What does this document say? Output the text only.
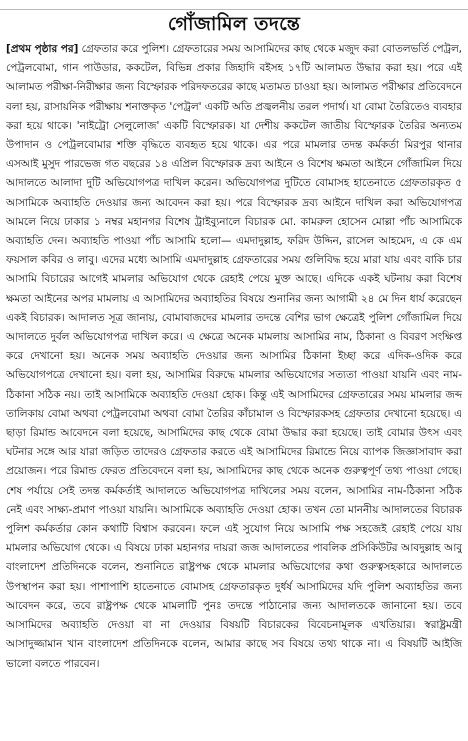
গোঁজামিল তদন্তে

[প্রথম পৃষ্ঠার পর] গ্রেফতার করে পুলিশ। গ্রেফতারের সময় আসামিদের কাছ থেকে মজুদ করা বোতলভর্তি পেট্রল, পেট্রলবোমা, গান পাউডার, ককটেল, বিভিন্ন প্রকার জিহাদি বইসহ ১৭টি আলামত উদ্ধার করা হয়। পরে এই আলামত পরীক্ষা-নিরীক্ষার জন্য বিস্ফোরক পরিদফতরের কাছে মতামত চাওয়া হয়। আলামত পরীক্ষার প্রতিবেদনে বলা হয়, রাসায়নিক পরীক্ষায় শনাক্তকৃত 'পেট্রল' একটি অতি প্রজ্বলনীয় তরল পদার্থ। যা বোমা তৈরিতেও ব্যবহার করা হয়ে থাকে। 'নাইট্রো সেলুলোজ' একটি বিস্ফোরক। যা দেশীয় ককটেল জাতীয় বিস্ফোরক তৈরির অন্যতম উপাদান ও পেট্রলবোমার শক্তি বৃদ্ধিতে ব্যবহৃত হয়ে থাকে। এর পরে মামলার তদন্ত কর্মকর্তা মিরপুর থানার এসআই মুসুদ পারভেজ গত বছরের ১৪ এপ্রিল বিস্ফোরক দ্রব্য আইনে ও বিশেষ ক্ষমতা আইনে গোঁজামিল দিয়ে আদালতে আলাদা দুটি অভিযোগপত্র দাখিল করেন। অভিযোগপত্র দুটিতে বোমাসহ হাতেনাতে গ্রেফতারকৃত ৫ আসামিকে অব্যাহতি দেওয়ার জন্য আবেদন করা হয়। পরে বিস্ফোরক দ্রব্য আইনে দাখিল করা অভিযোগপত্র আমলে নিয়ে ঢাকার ১ নম্বর মহানগর বিশেষ ট্রাইব্যুনালে বিচারক মো. কামরুল হোসেন মোল্লা পাঁচ আসামিকে অব্যাহতি দেন। অব্যাহতি পাওয়া পাঁচ আসামি হলো— এমদাদুল্লাহ, ফরিদ উদ্দিন, রাসেল আহমেদ, এ কে এম ফয়সাল কবির ও লাবু। এদের মধ্যে আসামি এমদাদুল্লাহ গ্রেফতারের সময় গুলিবিদ্ধ হয়ে মারা যায় এবং বাকি চার আসামি বিচারের আগেই মামলার অভিযোগ থেকে রেহাই পেয়ে মুক্ত আছে। এদিকে একই ঘটনায় করা বিশেষ ক্ষমতা আইনের অপর মামলায় এ আসামিদের অব্যাহতির বিষয়ে শুনানির জন্য আগামী ২৪ মে দিন ধার্য করেছেন একই বিচারক। আদালত সূত্র জানায়, বোমাবাজদের মামলার তদন্তে বেশির ভাগ ক্ষেত্রেই পুলিশ গোঁজামিল দিয়ে আদালতে দুর্বল অভিযোগপত্র দাখিল করে। এ ক্ষেত্রে অনেক মামলায় আসামির নাম, ঠিকানা ও বিবরণ সংক্ষিপ্ত করে দেখানো হয়। অনেক সময় অব্যাহতি দেওয়ার জন্য আসামির ঠিকানা ইচ্ছা করে এদিক-ওদিক করে অভিযোগপত্রে দেখানো হয়। বলা হয়, আসামির বিরুদ্ধে মামলার অভিযোগের সত্যতা পাওয়া যায়নি এবং নাম-ঠিকানা সঠিক নয়। তাই আসামিকে অব্যাহতি দেওয়া হোক। কিন্তু এই আসামিদের গ্রেফতারের সময় মামলার জব্দ তালিকায় বোমা অথবা পেট্রলবোমা অথবা বোমা তৈরির কাঁচামাল ও বিস্ফোরকসহ গ্রেফতার দেখানো হয়েছে। এ ছাড়া রিমান্ড আবেদনে বলা হয়েছে, আসামিদের কাছ থেকে বোমা উদ্ধার করা হয়েছে। তাই বোমার উৎস এবং ঘটনার সঙ্গে আর যারা জড়িত তাদেরও গ্রেফতার করতে এই আসামিদের রিমান্ডে নিয়ে ব্যাপক জিজ্ঞাসাবাদ করা প্রয়োজন। পরে রিমান্ড ফেরত প্রতিবেদনে বলা হয়, আসামিদের কাছ থেকে অনেক গুরুত্বপূর্ণ তথ্য পাওয়া গেছে। শেষ পর্যায়ে সেই তদন্ত কর্মকর্তাই আদালতে অভিযোগপত্র দাখিলের সময় বলেন, আসামির নাম-ঠিকানা সঠিক নেই এবং সাক্ষ্য-প্রমাণ পাওয়া যায়নি। আসামিকে অব্যাহতি দেওয়া হোক। তখন তো মাননীয় আদালতের বিচারক পুলিশ কর্মকর্তার কোন কথাটি বিশ্বাস করবেন। ফলে এই সুযোগ নিয়ে আসামি পক্ষ সহজেই রেহাই পেয়ে যায় মামলার অভিযোগ থেকে। এ বিষয়ে ঢাকা মহানগর দায়রা জজ আদালতের পাবলিক প্রসিকিউটর আবদুল্লাহ আবু বাংলাদেশ প্রতিদিনকে বলেন, শুনানিতে রাষ্ট্রপক্ষ থেকে মামলার অভিযোগের কথা গুরুত্বসহকারে আদালতে উপস্থাপন করা হয়। পাশাপাশি হাতেনাতে বোমাসহ গ্রেফতারকৃত দুর্ধর্ষ আসামিদের যদি পুলিশ অব্যাহতির জন্য আবেদন করে, তবে রাষ্ট্রপক্ষ থেকে মামলাটি পুনঃ তদন্তে পাঠানোর জন্য আদালতকে জানানো হয়। তবে আসামিদের অব্যাহতি দেওয়া বা না দেওয়ার বিষয়টি বিচারকের বিবেচনামূলক এখতিয়ার। স্বরাষ্ট্রমন্ত্রী আসাদুজ্জামান খান বাংলাদেশ প্রতিদিনকে বলেন, আমার কাছে সব বিষয়ে তথ্য থাকে না। এ বিষয়টি আইজি ভালো বলতে পারবেন।
